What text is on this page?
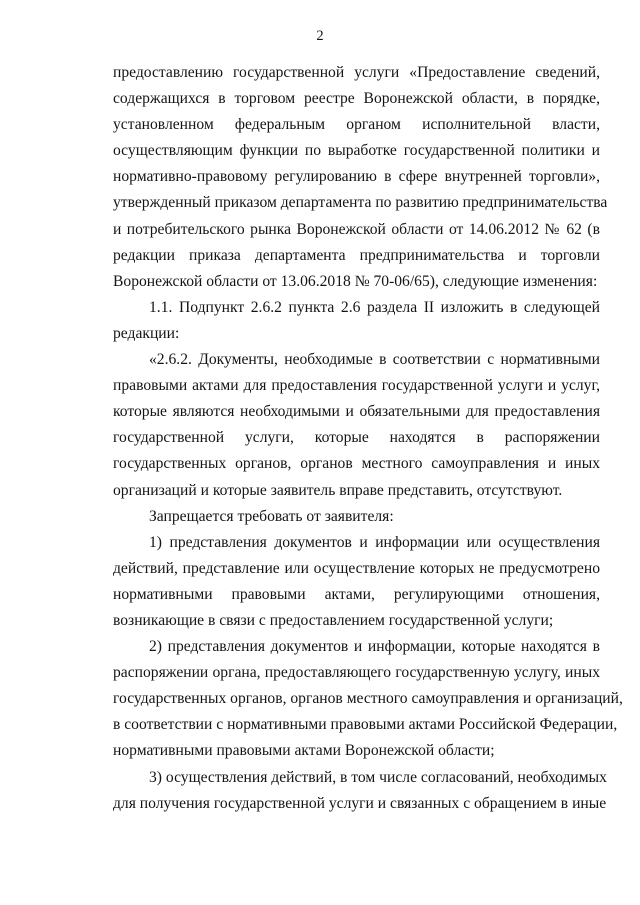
2

предоставлению государственной услуги «Предоставление сведений,
содержащихся в торговом реестре Воронежской области, в порядке,
установленном федеральным органом исполнительной власти,
осуществляющим функции по выработке государственной политики и
нормативно-правовому регулированию в сфере внутренней торговли»,
утвержденный приказом департамента по развитию предпринимательства
и потребительского рынка Воронежской области от 14.06.2012 № 62 (в
редакции приказа департамента предпринимательства и торговли
Воронежской области от 13.06.2018 № 70-06/65), следующие изменения:

1.1. Подпункт 2.6.2 пункта 2.6 раздела II изложить в следующей
редакции:

«2.6.2. Документы, необходимые в соответствии с нормативными
правовыми актами для предоставления государственной услуги и услуг,
которые являются необходимыми и обязательными для предоставления
государственной услуги, которые находятся в распоряжении
государственных органов, органов местного самоуправления и иных
организаций и которые заявитель вправе представить, отсутствуют.

Запрещается требовать от заявителя:

1) представления документов и информации или осуществления
действий, представление или осуществление которых не предусмотрено
нормативными правовыми актами, регулирующими отношения,
возникающие в связи с предоставлением государственной услуги;

2) представления документов и информации, которые находятся в
распоряжении органа, предоставляющего государственную услугу, иных
государственных органов, органов местного самоуправления и организаций,
в соответствии с нормативными правовыми актами Российской Федерации,
нормативными правовыми актами Воронежской области;

3) осуществления действий, в том числе согласований, необходимых
для получения государственной услуги и связанных с обращением в иные
